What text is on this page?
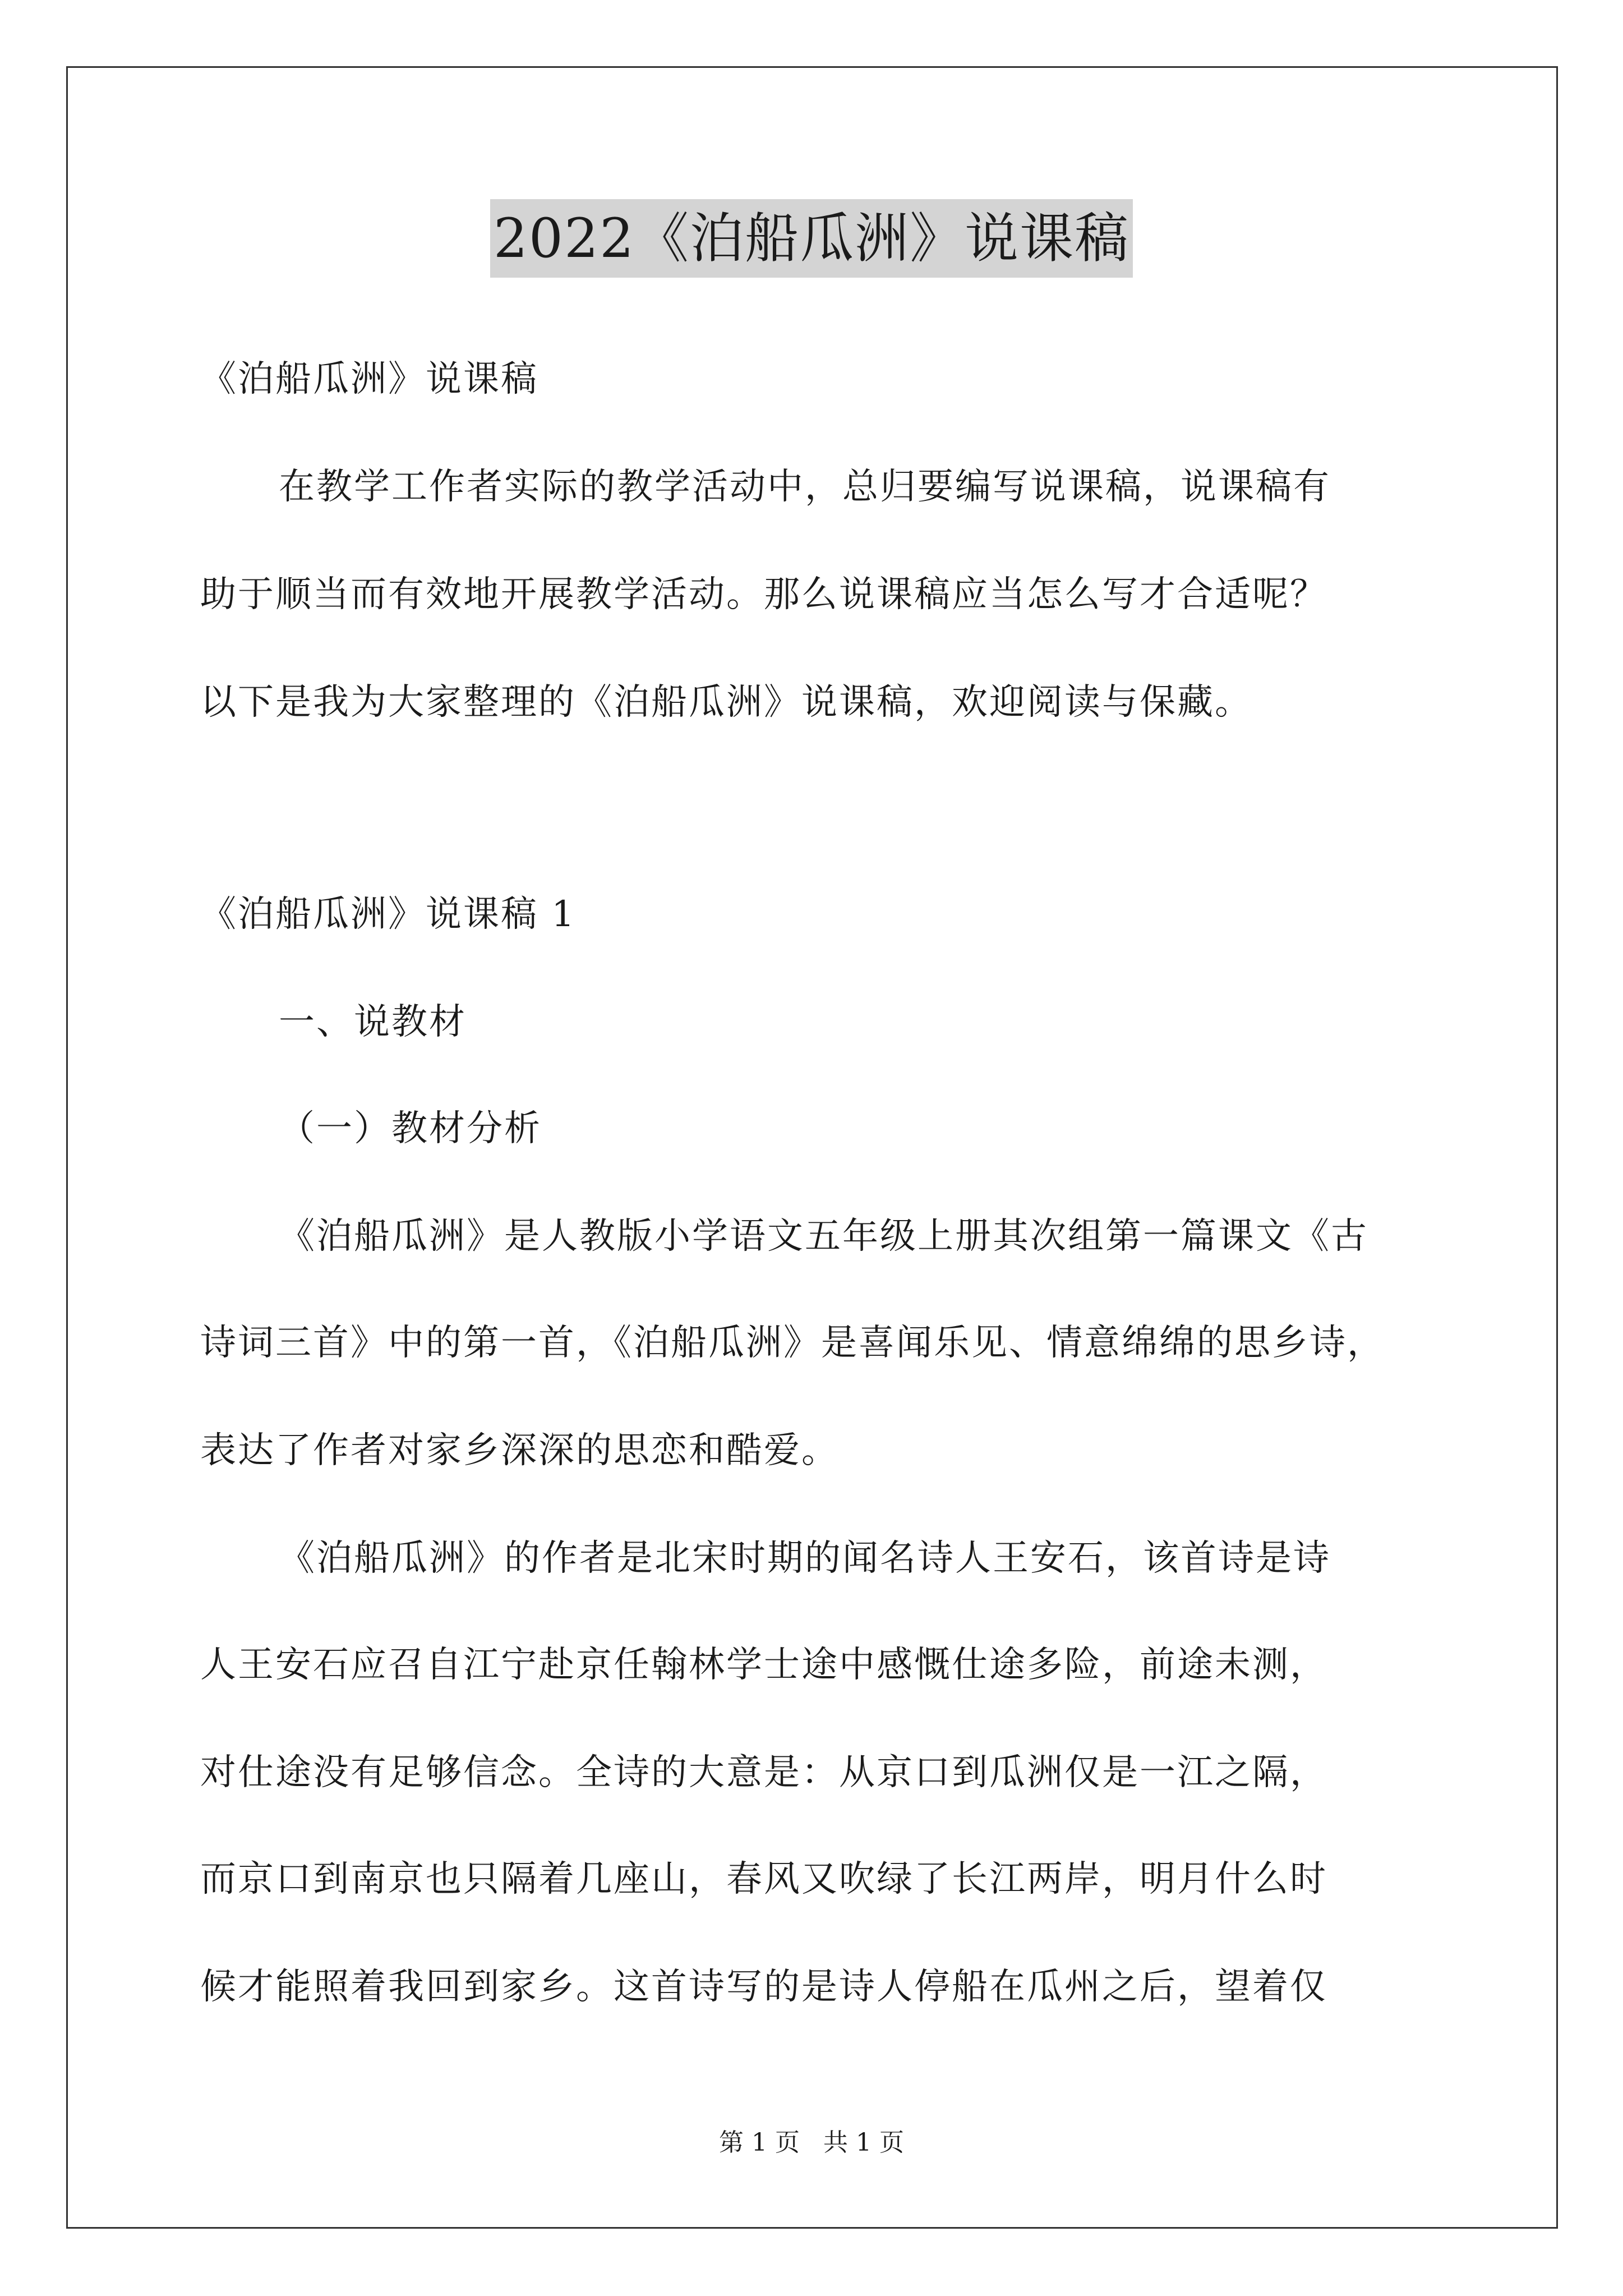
2022《泊船瓜洲》说课稿
《泊船瓜洲》说课稿
在教学工作者实际的教学活动中，总归要编写说课稿，说课稿有
助于顺当而有效地开展教学活动。那么说课稿应当怎么写才合适呢？
以下是我为大家整理的《泊船瓜洲》说课稿，欢迎阅读与保藏。
《泊船瓜洲》说课稿 1
一、说教材
（一）教材分析
《泊船瓜洲》是人教版小学语文五年级上册其次组第一篇课文《古
诗词三首》中的第一首，《泊船瓜洲》是喜闻乐见、情意绵绵的思乡诗，
表达了作者对家乡深深的思恋和酷爱。
《泊船瓜洲》的作者是北宋时期的闻名诗人王安石，该首诗是诗
人王安石应召自江宁赴京任翰林学士途中感慨仕途多险，前途未测，
对仕途没有足够信念。全诗的大意是：从京口到瓜洲仅是一江之隔，
而京口到南京也只隔着几座山，春风又吹绿了长江两岸，明月什么时
候才能照着我回到家乡。这首诗写的是诗人停船在瓜州之后，望着仅
第 1 页 共 1 页
